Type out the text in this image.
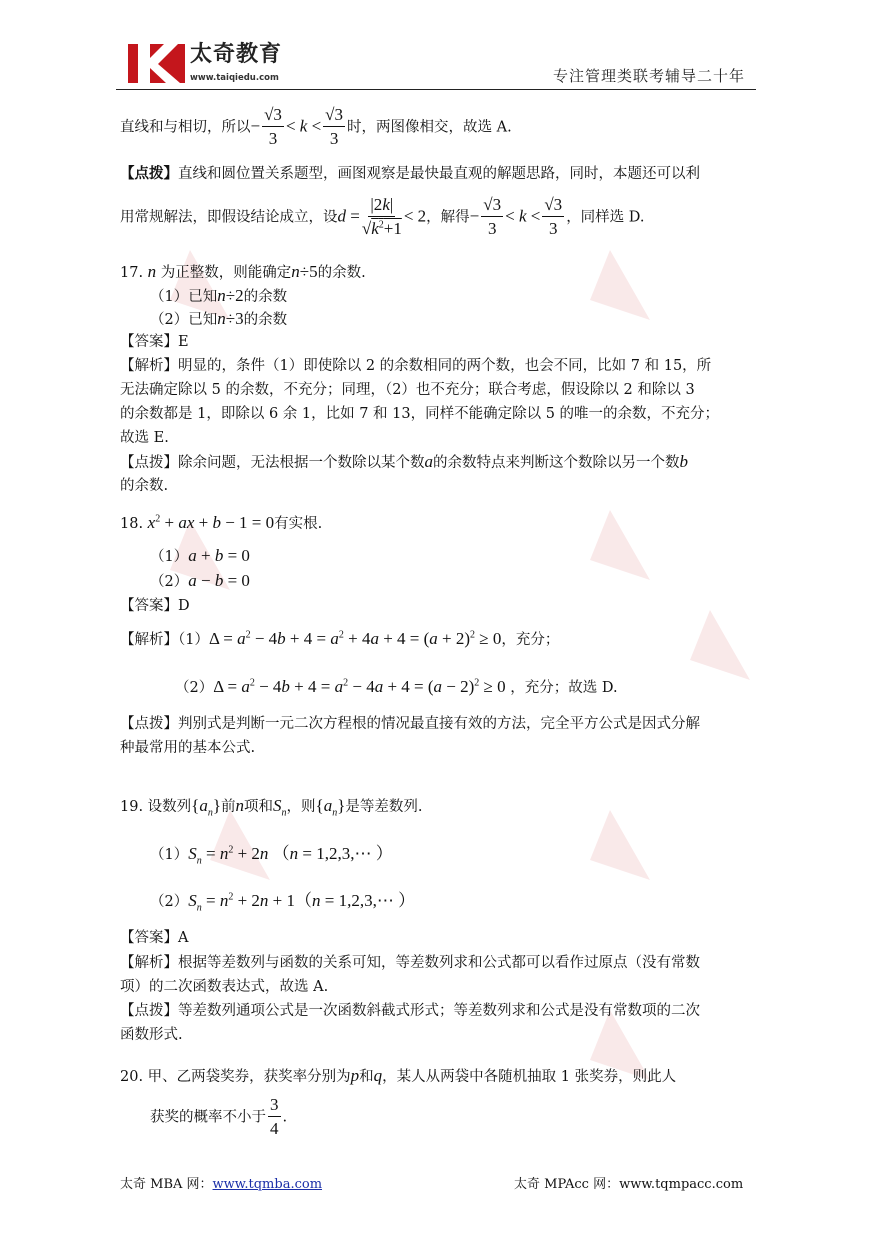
太奇教育
www.taiqiedu.com	专注管理类联考辅导二十年
直线和与相切，所以− $\frac{√3}{3} < k < \frac{√3}{3}$ 时，两图像相交，故选 A.
【点拨】直线和圆位置关系题型，画图观察是最快最直观的解题思路，同时，本题还可以利
用常规解法，即假设结论成立，设$d = \frac{|2k|}{√k^2+1} < 2$，解得− $\frac{√3}{3} < k < \frac{√3}{3}$ ，同样选 D.
17. n 为正整数，则能确定n÷5的余数.
（1）已知n÷2的余数
（2）已知n÷3的余数
【答案】E
【解析】明显的，条件（1）即使除以 2 的余数相同的两个数，也会不同，比如 7 和 15，所
无法确定除以 5 的余数，不充分；同理，（2）也不充分；联合考虑，假设除以 2 和除以 3
的余数都是 1，即除以 6 余 1，比如 7 和 13，同样不能确定除以 5 的唯一的余数，不充分；
故选 E.
【点拨】除余问题，无法根据一个数除以某个数a的余数特点来判断这个数除以另一个数b
的余数.
18. $x^2$ + ax + b − 1 = 0有实根.
（1）a + b = 0
（2）a − b = 0
【答案】D
【解析】$(1)\Delta = a^2 - 4b + 4 = a^2 + 4a + 4 = (a + 2)^2 \ge 0$，充分；
$(2)\Delta = a^2 - 4b + 4 = a^2 - 4a + 4 = (a - 2)^2 \ge 0$ ，充分；故选 D.
【点拨】判别式是判断一元二次方程根的情况最直接有效的方法，完全平方公式是因式分解
种最常用的基本公式.
19. 设数列$\{a_n\}$前n项和$S_n$，则$\{a_n\}$是等差数列.
$(1)S_n = n^2 + 2n$ （n = 1,2,3,⋯ ）
$(2)S_n = n^2 + 2n + 1(n$ = 1,2,3,⋯ ）
【答案】A
【解析】根据等差数列与函数的关系可知，等差数列求和公式都可以看作过原点（没有常数
项）的二次函数表达式，故选 A.
【点拨】等差数列通项公式是一次函数斜截式形式；等差数列求和公式是没有常数项的二次
函数形式.
20. 甲、乙两袋奖券，获奖率分别为p和q，某人从两袋中各随机抽取 1 张奖券，则此人
获奖的概率不小于 $\frac{3}{4}$ .
太奇 MBA 网：www.tqmba.com	太奇 MPAcc 网：www.tqmpacc.com
